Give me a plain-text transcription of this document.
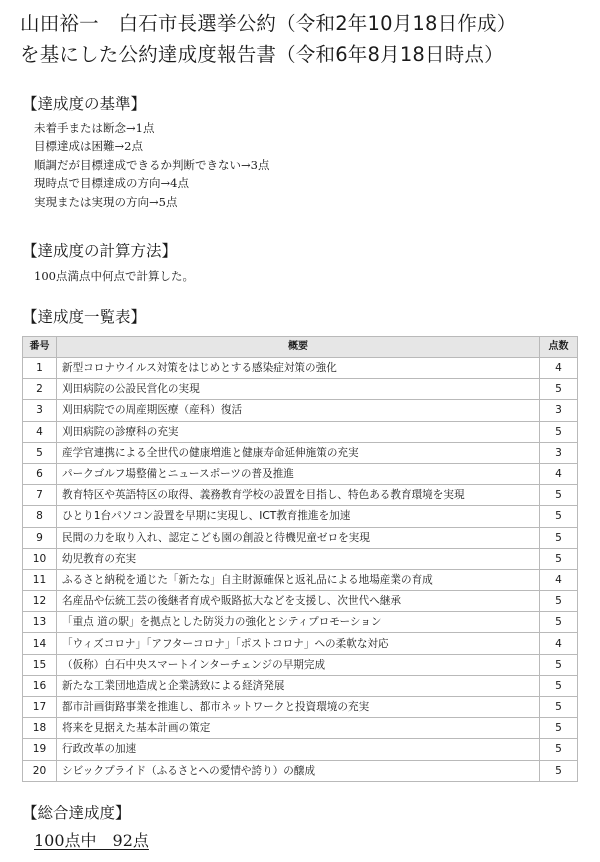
山田裕一　白石市長選挙公約（令和2年10月18日作成）
を基にした公約達成度報告書（令和6年8月18日時点）
【達成度の基準】
未着手または断念→1点
目標達成は困難→2点
順調だが目標達成できるか判断できない→3点
現時点で目標達成の方向→4点
実現または実現の方向→5点
【達成度の計算方法】
100点満点中何点で計算した。
【達成度一覧表】
番号	概要	点数
1	新型コロナウイルス対策をはじめとする感染症対策の強化	4
2	刈田病院の公設民営化の実現	5
3	刈田病院での周産期医療（産科）復活	3
4	刈田病院の診療科の充実	5
5	産学官連携による全世代の健康増進と健康寿命延伸施策の充実	3
6	パークゴルフ場整備とニュースポーツの普及推進	4
7	教育特区や英語特区の取得、義務教育学校の設置を目指し、特色ある教育環境を実現	5
8	ひとり1台パソコン設置を早期に実現し、ICT教育推進を加速	5
9	民間の力を取り入れ、認定こども園の創設と待機児童ゼロを実現	5
10	幼児教育の充実	5
11	ふるさと納税を通じた「新たな」自主財源確保と返礼品による地場産業の育成	4
12	名産品や伝統工芸の後継者育成や販路拡大などを支援し、次世代へ継承	5
13	「重点 道の駅」を拠点とした防災力の強化とシティプロモーション	5
14	「ウィズコロナ」「アフターコロナ」「ポストコロナ」への柔軟な対応	4
15	（仮称）白石中央スマートインターチェンジの早期完成	5
16	新たな工業団地造成と企業誘致による経済発展	5
17	都市計画街路事業を推進し、都市ネットワークと投資環境の充実	5
18	将来を見据えた基本計画の策定	5
19	行政改革の加速	5
20	シビックプライド（ふるさとへの愛情や誇り）の醸成	5
【総合達成度】
100点中　92点
